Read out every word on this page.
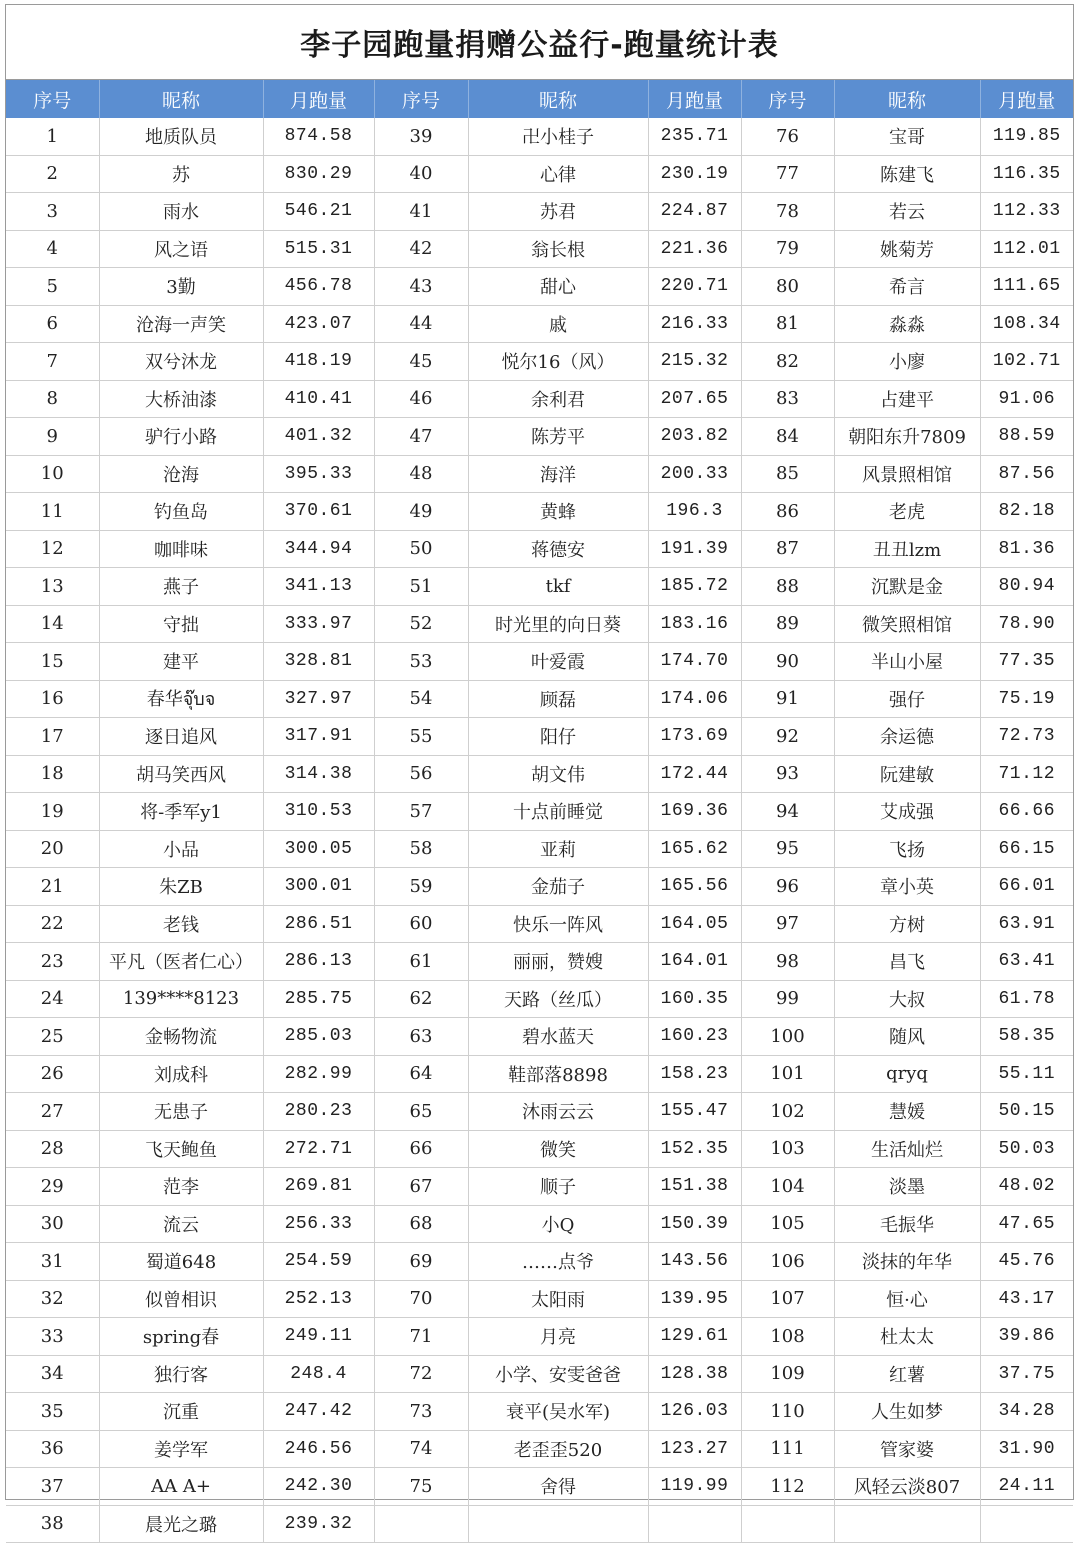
李子园跑量捐赠公益行-跑量统计表
序号	昵称	月跑量	序号	昵称	月跑量	序号	昵称	月跑量
1	地质队员	874.58	39	卍小桂子	235.71	76	宝哥	119.85
2	苏	830.29	40	心律	230.19	77	陈建飞	116.35
3	雨水	546.21	41	苏君	224.87	78	若云	112.33
4	风之语	515.31	42	翁长根	221.36	79	姚菊芳	112.01
5	3勤	456.78	43	甜心	220.71	80	希言	111.65
6	沧海一声笑	423.07	44	戚	216.33	81	淼淼	108.34
7	双兮沐龙	418.19	45	悦尔16（风）	215.32	82	小廖	102.71
8	大桥油漆	410.41	46	余利君	207.65	83	占建平	91.06
9	驴行小路	401.32	47	陈芳平	203.82	84	朝阳东升7809	88.59
10	沧海	395.33	48	海洋	200.33	85	风景照相馆	87.56
11	钓鱼岛	370.61	49	黄蜂	196.3	86	老虎	82.18
12	咖啡味	344.94	50	蒋德安	191.39	87	丑丑lzm	81.36
13	燕子	341.13	51	tkf	185.72	88	沉默是金	80.94
14	守拙	333.97	52	时光里的向日葵	183.16	89	微笑照相馆	78.90
15	建平	328.81	53	叶爱霞	174.70	90	半山小屋	77.35
16	春华จุ๊บจ	327.97	54	顾磊	174.06	91	强仔	75.19
17	逐日追风	317.91	55	阳仔	173.69	92	余运德	72.73
18	胡马笑西风	314.38	56	胡文伟	172.44	93	阮建敏	71.12
19	将-季军y1	310.53	57	十点前睡觉	169.36	94	艾成强	66.66
20	小品	300.05	58	亚莉	165.62	95	飞扬	66.15
21	朱ZB	300.01	59	金茄子	165.56	96	章小英	66.01
22	老钱	286.51	60	快乐一阵风	164.05	97	方树	63.91
23	平凡（医者仁心）	286.13	61	丽丽，赞嫂	164.01	98	昌飞	63.41
24	139****8123	285.75	62	天路（丝瓜）	160.35	99	大叔	61.78
25	金畅物流	285.03	63	碧水蓝天	160.23	100	随风	58.35
26	刘成科	282.99	64	鞋部落8898	158.23	101	qryq	55.11
27	无患子	280.23	65	沐雨云云	155.47	102	慧媛	50.15
28	飞天鲍鱼	272.71	66	微笑	152.35	103	生活灿烂	50.03
29	范李	269.81	67	顺子	151.38	104	淡墨	48.02
30	流云	256.33	68	小Q	150.39	105	毛振华	47.65
31	蜀道648	254.59	69	……点爷	143.56	106	淡抹的年华	45.76
32	似曾相识	252.13	70	太阳雨	139.95	107	恒·心	43.17
33	spring春	249.11	71	月亮	129.61	108	杜太太	39.86
34	独行客	248.4	72	小学、安雯爸爸	128.38	109	红薯	37.75
35	沉重	247.42	73	衰平(吴水军)	126.03	110	人生如梦	34.28
36	姜学军	246.56	74	老歪歪520	123.27	111	管家婆	31.90
37	AA A+	242.30	75	舍得	119.99	112	风轻云淡807	24.11
38	晨光之璐	239.32						
